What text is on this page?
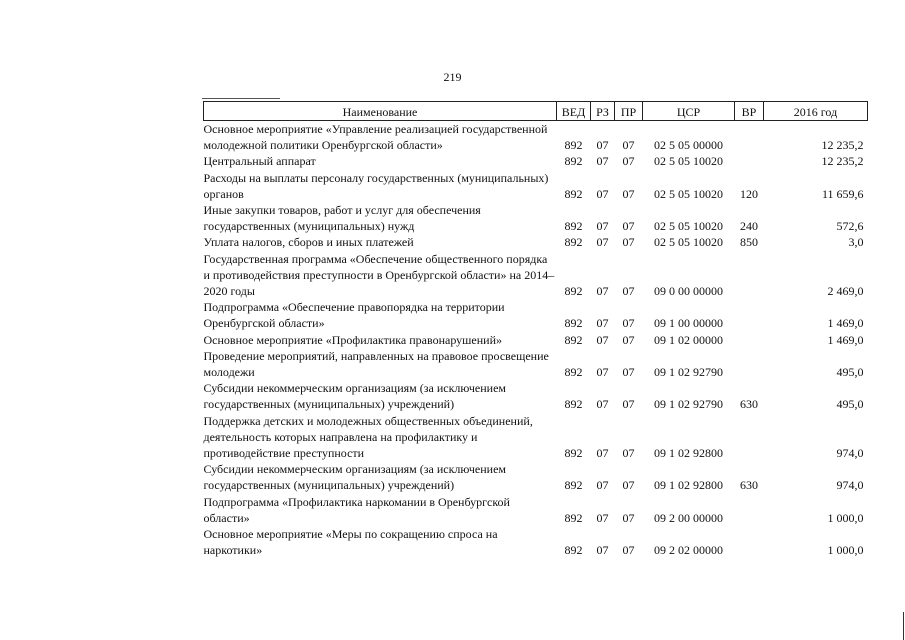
219
Наименование	ВЕД	РЗ	ПР	ЦСР	ВР	2016 год
Основное мероприятие «Управление реализацией государственной молодежной политики Оренбургской области»	892	07	07	02 5 05 00000		12 235,2
Центральный аппарат	892	07	07	02 5 05 10020		12 235,2
Расходы на выплаты персоналу государственных (муниципальных) органов	892	07	07	02 5 05 10020	120	11 659,6
Иные закупки товаров, работ и услуг для обеспечения государственных (муниципальных) нужд	892	07	07	02 5 05 10020	240	572,6
Уплата налогов, сборов и иных платежей	892	07	07	02 5 05 10020	850	3,0
Государственная программа «Обеспечение общественного порядка и противодействия преступности в Оренбургской области» на 2014–2020 годы	892	07	07	09 0 00 00000		2 469,0
Подпрограмма «Обеспечение правопорядка на территории Оренбургской области»	892	07	07	09 1 00 00000		1 469,0
Основное мероприятие «Профилактика правонарушений»	892	07	07	09 1 02 00000		1 469,0
Проведение мероприятий, направленных на правовое просвещение молодежи	892	07	07	09 1 02 92790		495,0
Субсидии некоммерческим организациям (за исключением государственных (муниципальных) учреждений)	892	07	07	09 1 02 92790	630	495,0
Поддержка детских и молодежных общественных объединений, деятельность которых направлена на профилактику и противодействие преступности	892	07	07	09 1 02 92800		974,0
Субсидии некоммерческим организациям (за исключением государственных (муниципальных) учреждений)	892	07	07	09 1 02 92800	630	974,0
Подпрограмма «Профилактика наркомании в Оренбургской области»	892	07	07	09 2 00 00000		1 000,0
Основное мероприятие «Меры по сокращению спроса на наркотики»	892	07	07	09 2 02 00000		1 000,0
